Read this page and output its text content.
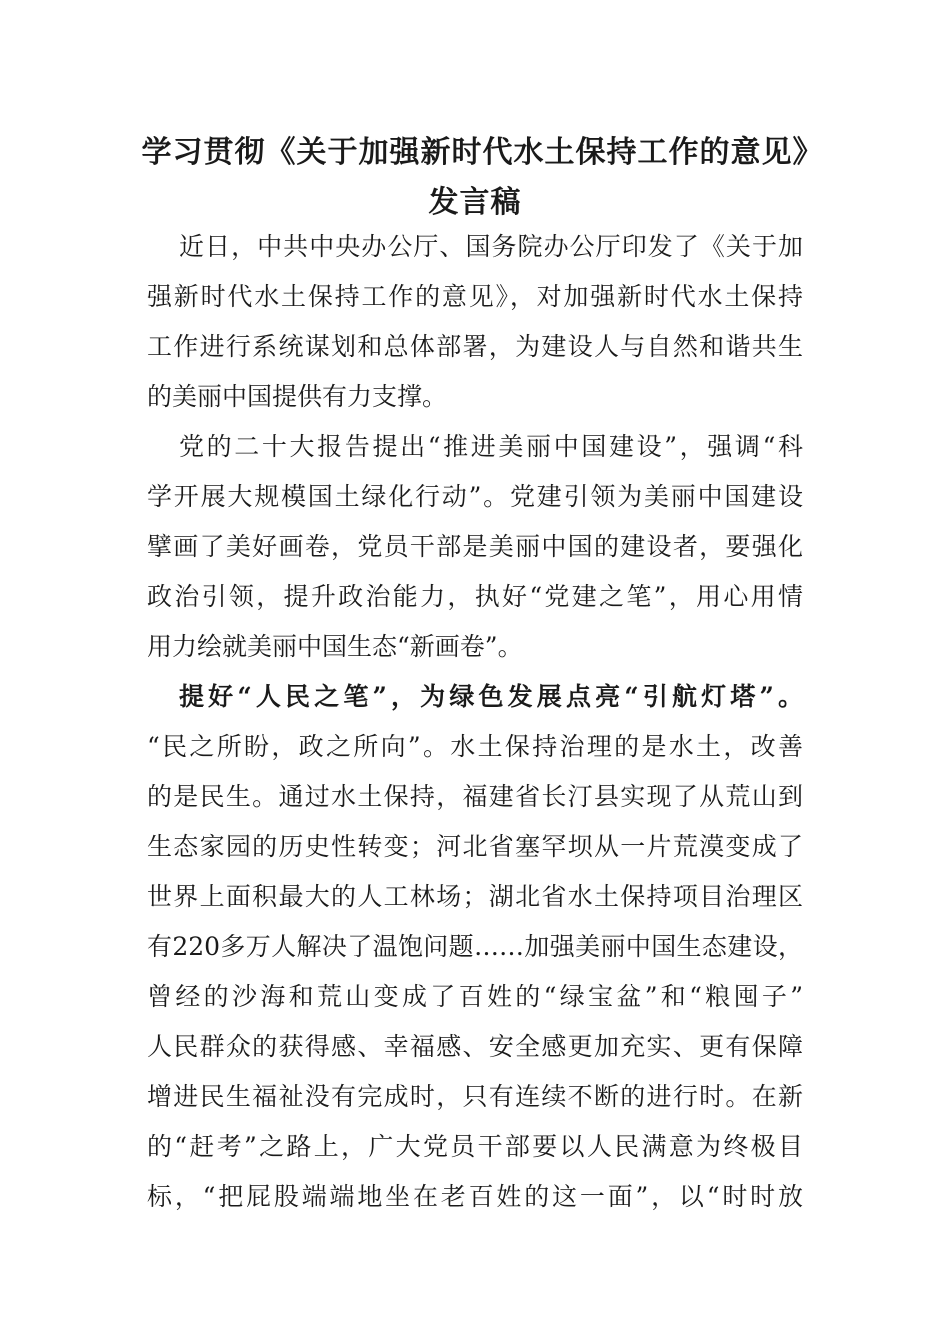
学习贯彻《关于加强新时代水土保持工作的意见》发言稿

近日，中共中央办公厅、国务院办公厅印发了《关于加

强新时代水土保持工作的意见》，对加强新时代水土保持

工作进行系统谋划和总体部署，为建设人与自然和谐共生

的美丽中国提供有力支撑。

党的二十大报告提出“推进美丽中国建设”，强调“科

学开展大规模国土绿化行动”。党建引领为美丽中国建设

擘画了美好画卷，党员干部是美丽中国的建设者，要强化

政治引领，提升政治能力，执好“党建之笔”，用心用情

用力绘就美丽中国生态“新画卷”。

提好“人民之笔”，为绿色发展点亮“引航灯塔”。

“民之所盼，政之所向”。水土保持治理的是水土，改善

的是民生。通过水土保持，福建省长汀县实现了从荒山到

生态家园的历史性转变；河北省塞罕坝从一片荒漠变成了

世界上面积最大的人工林场；湖北省水土保持项目治理区

有220多万人解决了温饱问题……加强美丽中国生态建设，

曾经的沙海和荒山变成了百姓的“绿宝盆”和“粮囤子”

人民群众的获得感、幸福感、安全感更加充实、更有保障

增进民生福祉没有完成时，只有连续不断的进行时。在新

的“赶考”之路上，广大党员干部要以人民满意为终极目

标，“把屁股端端地坐在老百姓的这一面”，以“时时放
